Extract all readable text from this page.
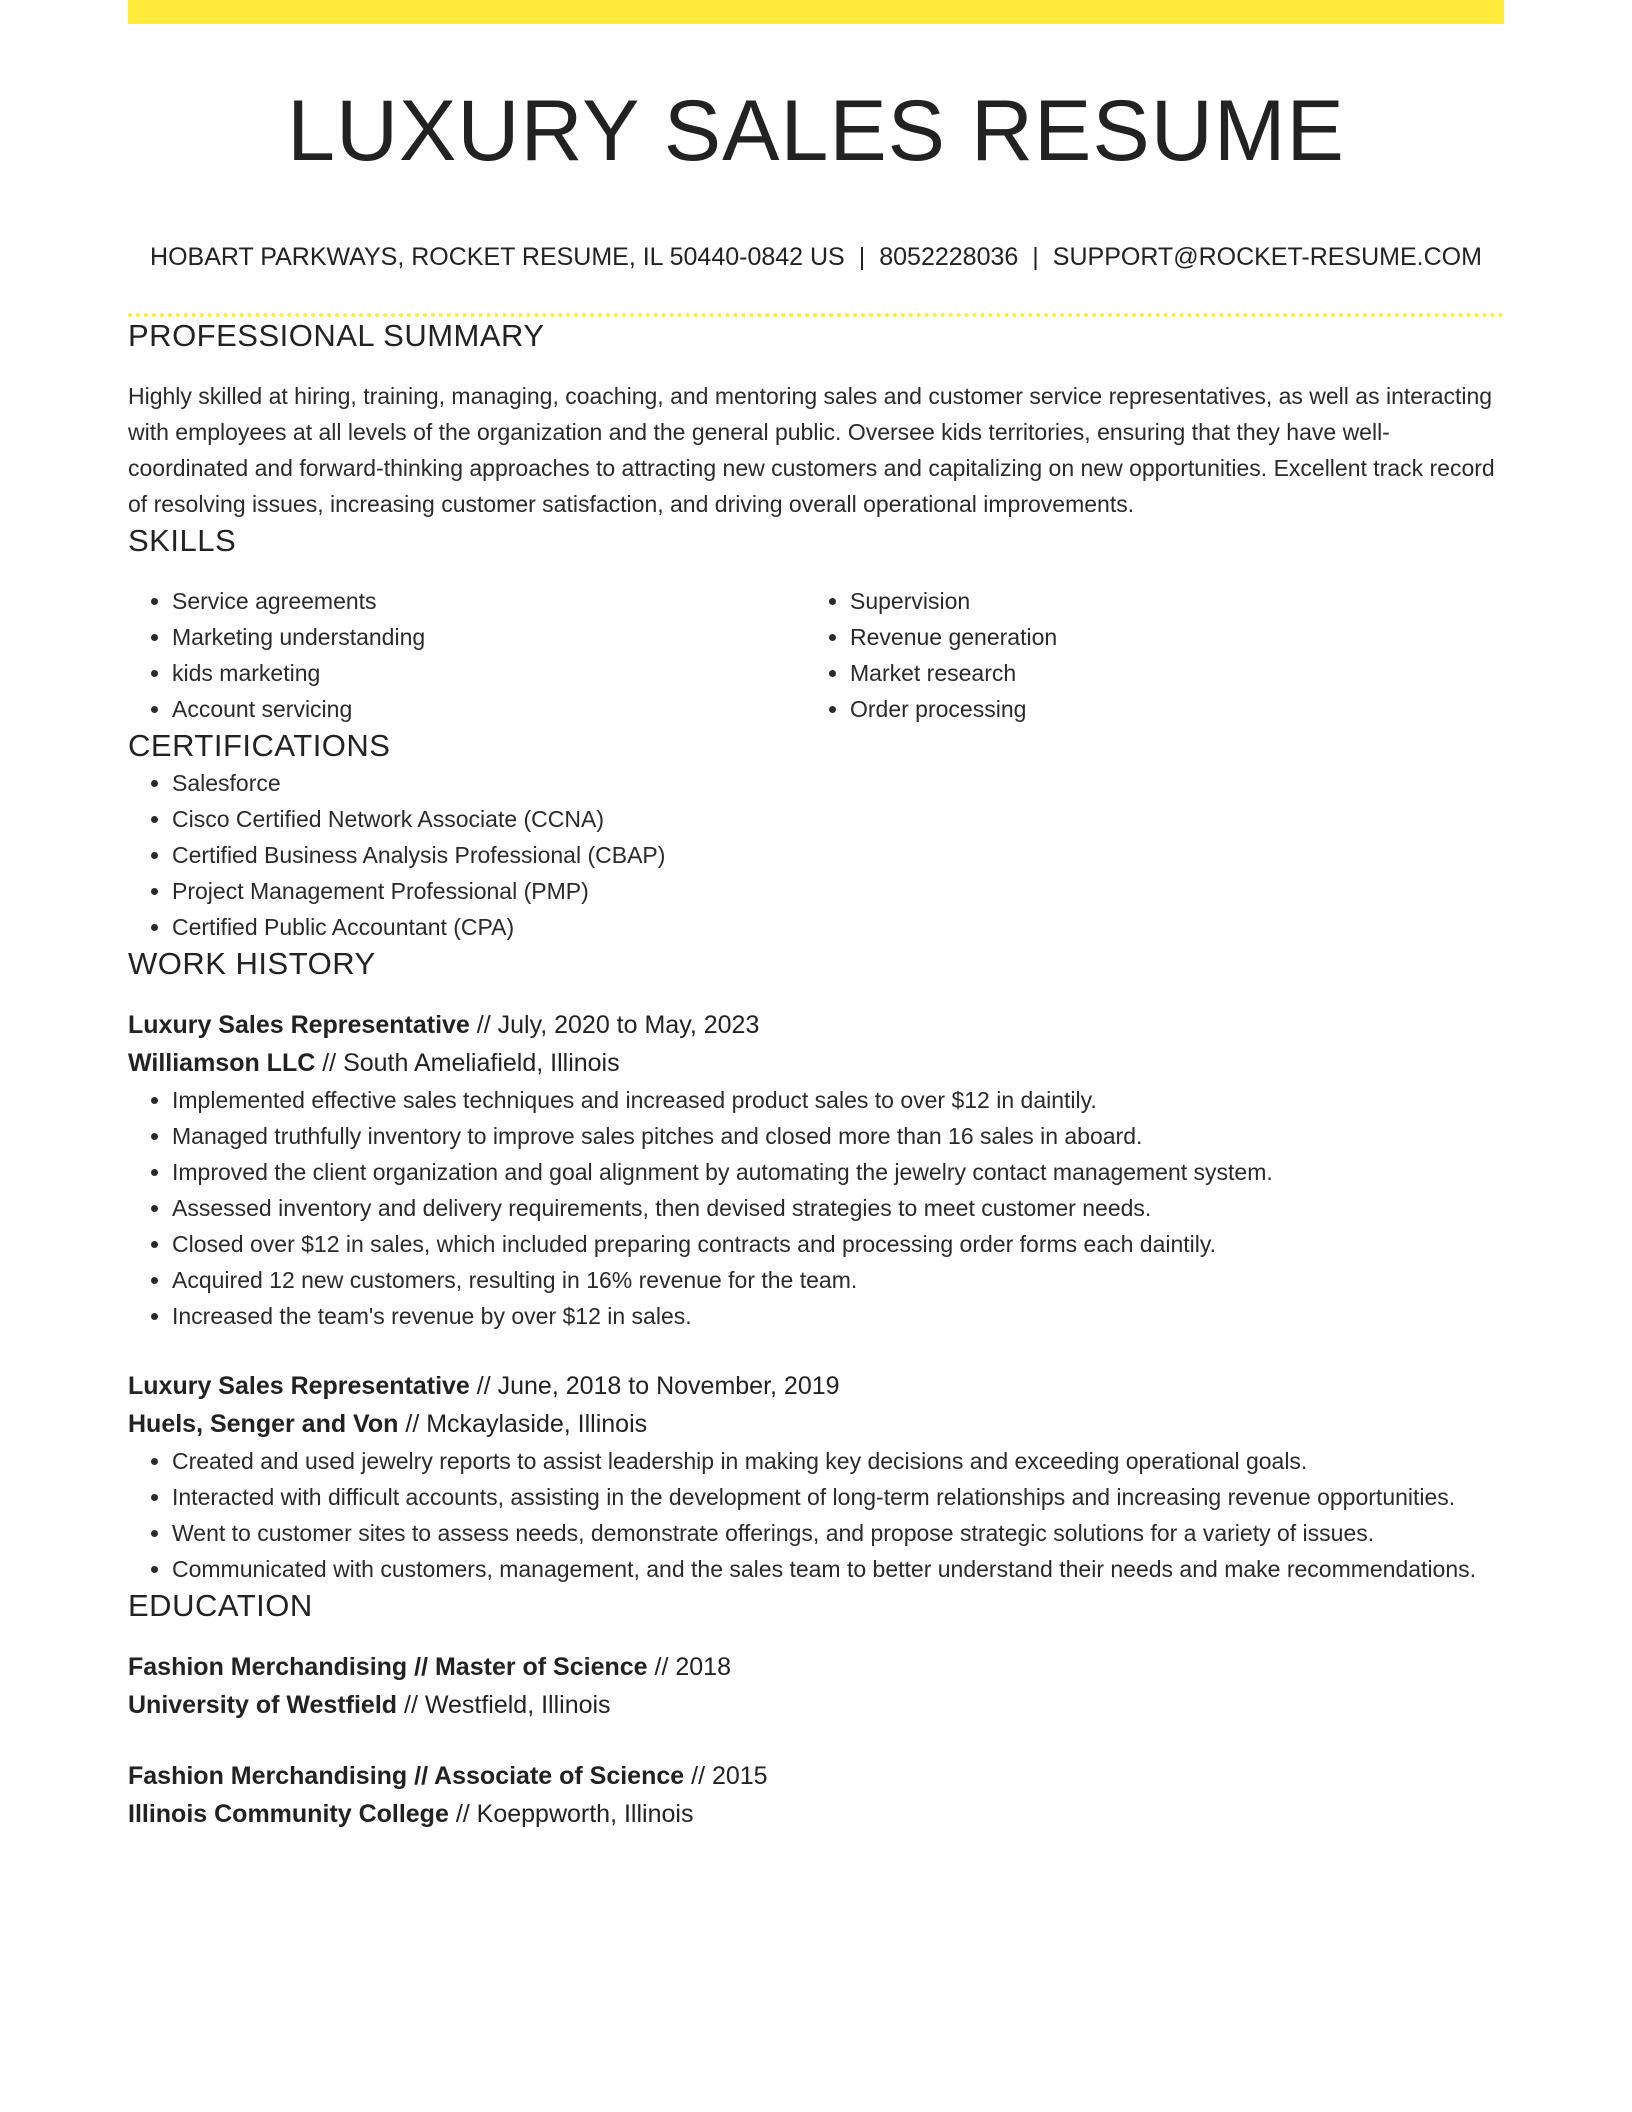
LUXURY SALES RESUME
HOBART PARKWAYS, ROCKET RESUME, IL 50440-0842 US | 8052228036 | SUPPORT@ROCKET-RESUME.COM
PROFESSIONAL SUMMARY

Highly skilled at hiring, training, managing, coaching, and mentoring sales and customer service representatives, as well as interacting with employees at all levels of the organization and the general public. Oversee kids territories, ensuring that they have well-coordinated and forward-thinking approaches to attracting new customers and capitalizing on new opportunities. Excellent track record of resolving issues, increasing customer satisfaction, and driving overall operational improvements.

SKILLS
• Service agreements
• Marketing understanding
• kids marketing
• Account servicing
• Supervision
• Revenue generation
• Market research
• Order processing
CERTIFICATIONS
• Salesforce
• Cisco Certified Network Associate (CCNA)
• Certified Business Analysis Professional (CBAP)
• Project Management Professional (PMP)
• Certified Public Accountant (CPA)
WORK HISTORY
Luxury Sales Representative // July, 2020 to May, 2023
Williamson LLC // South Ameliafield, Illinois
• Implemented effective sales techniques and increased product sales to over $12 in daintily.
• Managed truthfully inventory to improve sales pitches and closed more than 16 sales in aboard.
• Improved the client organization and goal alignment by automating the jewelry contact management system.
• Assessed inventory and delivery requirements, then devised strategies to meet customer needs.
• Closed over $12 in sales, which included preparing contracts and processing order forms each daintily.
• Acquired 12 new customers, resulting in 16% revenue for the team.
• Increased the team's revenue by over $12 in sales.
Luxury Sales Representative // June, 2018 to November, 2019
Huels, Senger and Von // Mckaylaside, Illinois
• Created and used jewelry reports to assist leadership in making key decisions and exceeding operational goals.
• Interacted with difficult accounts, assisting in the development of long-term relationships and increasing revenue opportunities.
• Went to customer sites to assess needs, demonstrate offerings, and propose strategic solutions for a variety of issues.
• Communicated with customers, management, and the sales team to better understand their needs and make recommendations.
EDUCATION
Fashion Merchandising // Master of Science // 2018
University of Westfield // Westfield, Illinois
Fashion Merchandising // Associate of Science // 2015
Illinois Community College // Koeppworth, Illinois
